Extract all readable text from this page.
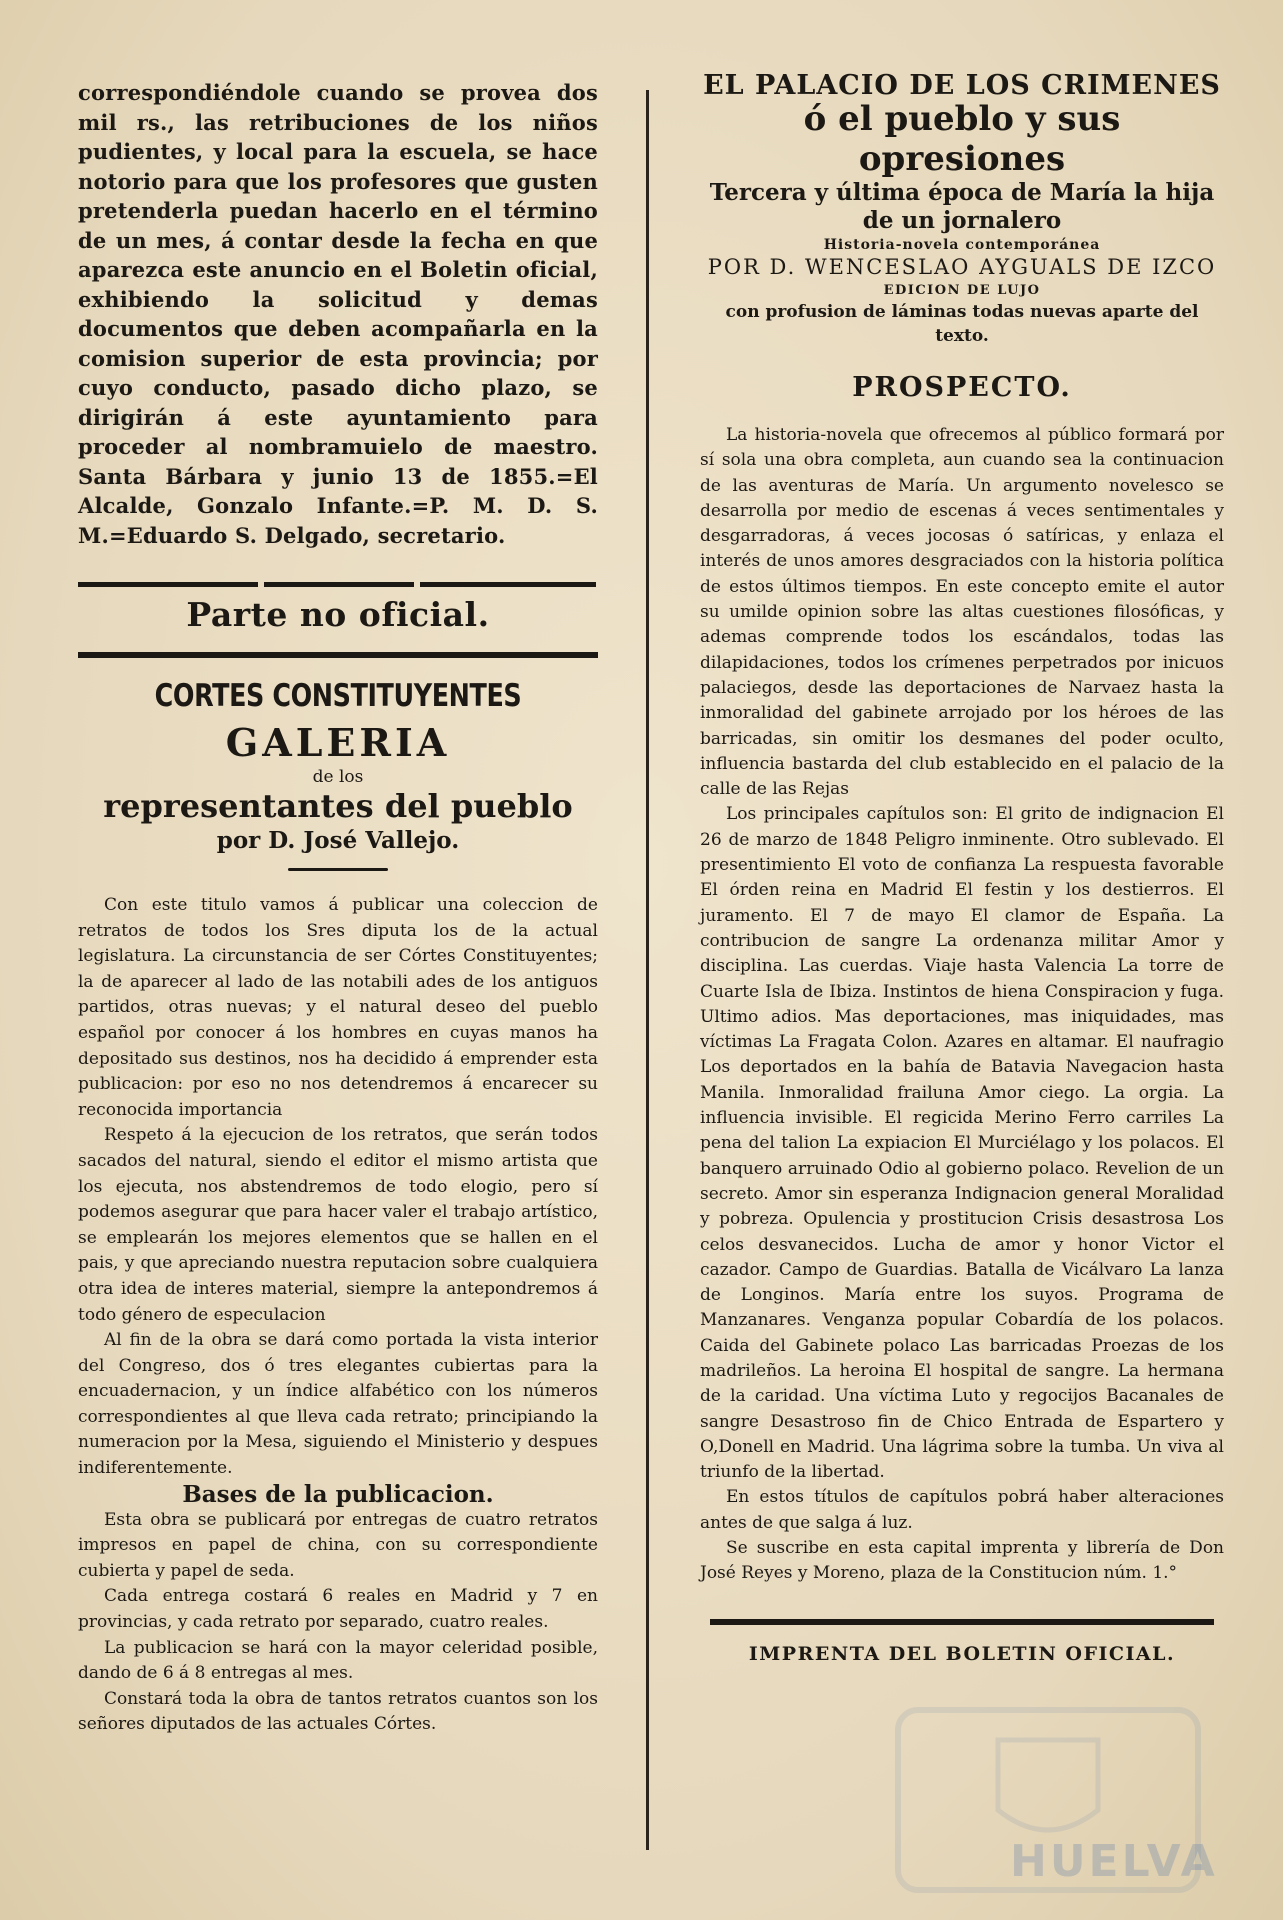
correspondiéndole cuando se provea dos mil rs., las retribuciones de los niños pudientes, y local para la escuela, se hace notorio para que los profesores que gusten pretenderla puedan hacerlo en el término de un mes, á contar desde la fecha en que aparezca este anuncio en el Boletin oficial, exhibiendo la solicitud y demas documentos que deben acompañarla en la comision superior de esta provincia; por cuyo conducto, pasado dicho plazo, se dirigirán á este ayuntamiento para proceder al nombramuielo de maestro. Santa Bárbara y junio 13 de 1855.=El Alcalde, Gonzalo Infante.=P. M. D. S. M.=Eduardo S. Delgado, secretario.

Parte no oficial.
CORTES CONSTITUYENTES
GALERIA
de los
representantes del pueblo
por D. José Vallejo.

Con este titulo vamos á publicar una coleccion de retratos de todos los Sres diputa los de la actual legislatura. La circunstancia de ser Córtes Constituyentes; la de aparecer al lado de las notabili ades de los antiguos partidos, otras nuevas; y el natural deseo del pueblo español por conocer á los hombres en cuyas manos ha depositado sus destinos, nos ha decidido á emprender esta publicacion: por eso no nos detendremos á encarecer su reconocida importancia

Respeto á la ejecucion de los retratos, que serán todos sacados del natural, siendo el editor el mismo artista que los ejecuta, nos abstendremos de todo elogio, pero sí podemos asegurar que para hacer valer el trabajo artístico, se emplearán los mejores elementos que se hallen en el pais, y que apreciando nuestra reputacion sobre cualquiera otra idea de interes material, siempre la antepondremos á todo género de especulacion

Al fin de la obra se dará como portada la vista interior del Congreso, dos ó tres elegantes cubiertas para la encuadernacion, y un índice alfabético con los números correspondientes al que lleva cada retrato; principiando la numeracion por la Mesa, siguiendo el Ministerio y despues indiferentemente.

Bases de la publicacion.

Esta obra se publicará por entregas de cuatro retratos impresos en papel de china, con su correspondiente cubierta y papel de seda.

Cada entrega costará 6 reales en Madrid y 7 en provincias, y cada retrato por separado, cuatro reales.

La publicacion se hará con la mayor celeridad posible, dando de 6 á 8 entregas al mes.

Constará toda la obra de tantos retratos cuantos son los señores diputados de las actuales Córtes.

EL PALACIO DE LOS CRIMENES
ó el pueblo y sus opresiones
Tercera y última época de María la hija de un jornalero
Historia-novela contemporánea
POR D. WENCESLAO AYGUALS DE IZCO
EDICION DE LUJO
con profusion de láminas todas nuevas aparte del texto.
PROSPECTO.

La historia-novela que ofrecemos al público formará por sí sola una obra completa, aun cuando sea la continuacion de las aventuras de María. Un argumento novelesco se desarrolla por medio de escenas á veces sentimentales y desgarradoras, á veces jocosas ó satíricas, y enlaza el interés de unos amores desgraciados con la historia política de estos últimos tiempos. En este concepto emite el autor su umilde opinion sobre las altas cuestiones filosóficas, y ademas comprende todos los escándalos, todas las dilapidaciones, todos los crímenes perpetrados por inicuos palaciegos, desde las deportaciones de Narvaez hasta la inmoralidad del gabinete arrojado por los héroes de las barricadas, sin omitir los desmanes del poder oculto, influencia bastarda del club establecido en el palacio de la calle de las Rejas

Los principales capítulos son: El grito de indignacion El 26 de marzo de 1848 Peligro inminente. Otro sublevado. El presentimiento El voto de confianza La respuesta favorable El órden reina en Madrid El festin y los destierros. El juramento. El 7 de mayo El clamor de España. La contribucion de sangre La ordenanza militar Amor y disciplina. Las cuerdas. Viaje hasta Valencia La torre de Cuarte Isla de Ibiza. Instintos de hiena Conspiracion y fuga. Ultimo adios. Mas deportaciones, mas iniquidades, mas víctimas La Fragata Colon. Azares en altamar. El naufragio Los deportados en la bahía de Batavia Navegacion hasta Manila. Inmoralidad frailuna Amor ciego. La orgia. La influencia invisible. El regicida Merino Ferro carriles La pena del talion La expiacion El Murciélago y los polacos. El banquero arruinado Odio al gobierno polaco. Revelion de un secreto. Amor sin esperanza Indignacion general Moralidad y pobreza. Opulencia y prostitucion Crisis desastrosa Los celos desvanecidos. Lucha de amor y honor Victor el cazador. Campo de Guardias. Batalla de Vicálvaro La lanza de Longinos. María entre los suyos. Programa de Manzanares. Venganza popular Cobardía de los polacos. Caida del Gabinete polaco Las barricadas Proezas de los madrileños. La heroina El hospital de sangre. La hermana de la caridad. Una víctima Luto y regocijos Bacanales de sangre Desastroso fin de Chico Entrada de Espartero y O,Donell en Madrid. Una lágrima sobre la tumba. Un viva al triunfo de la libertad.

En estos títulos de capítulos pobrá haber alteraciones antes de que salga á luz.

Se suscribe en esta capital imprenta y librería de Don José Reyes y Moreno, plaza de la Constitucion núm. 1.°

IMPRENTA DEL BOLETIN OFICIAL.
HUELVA
